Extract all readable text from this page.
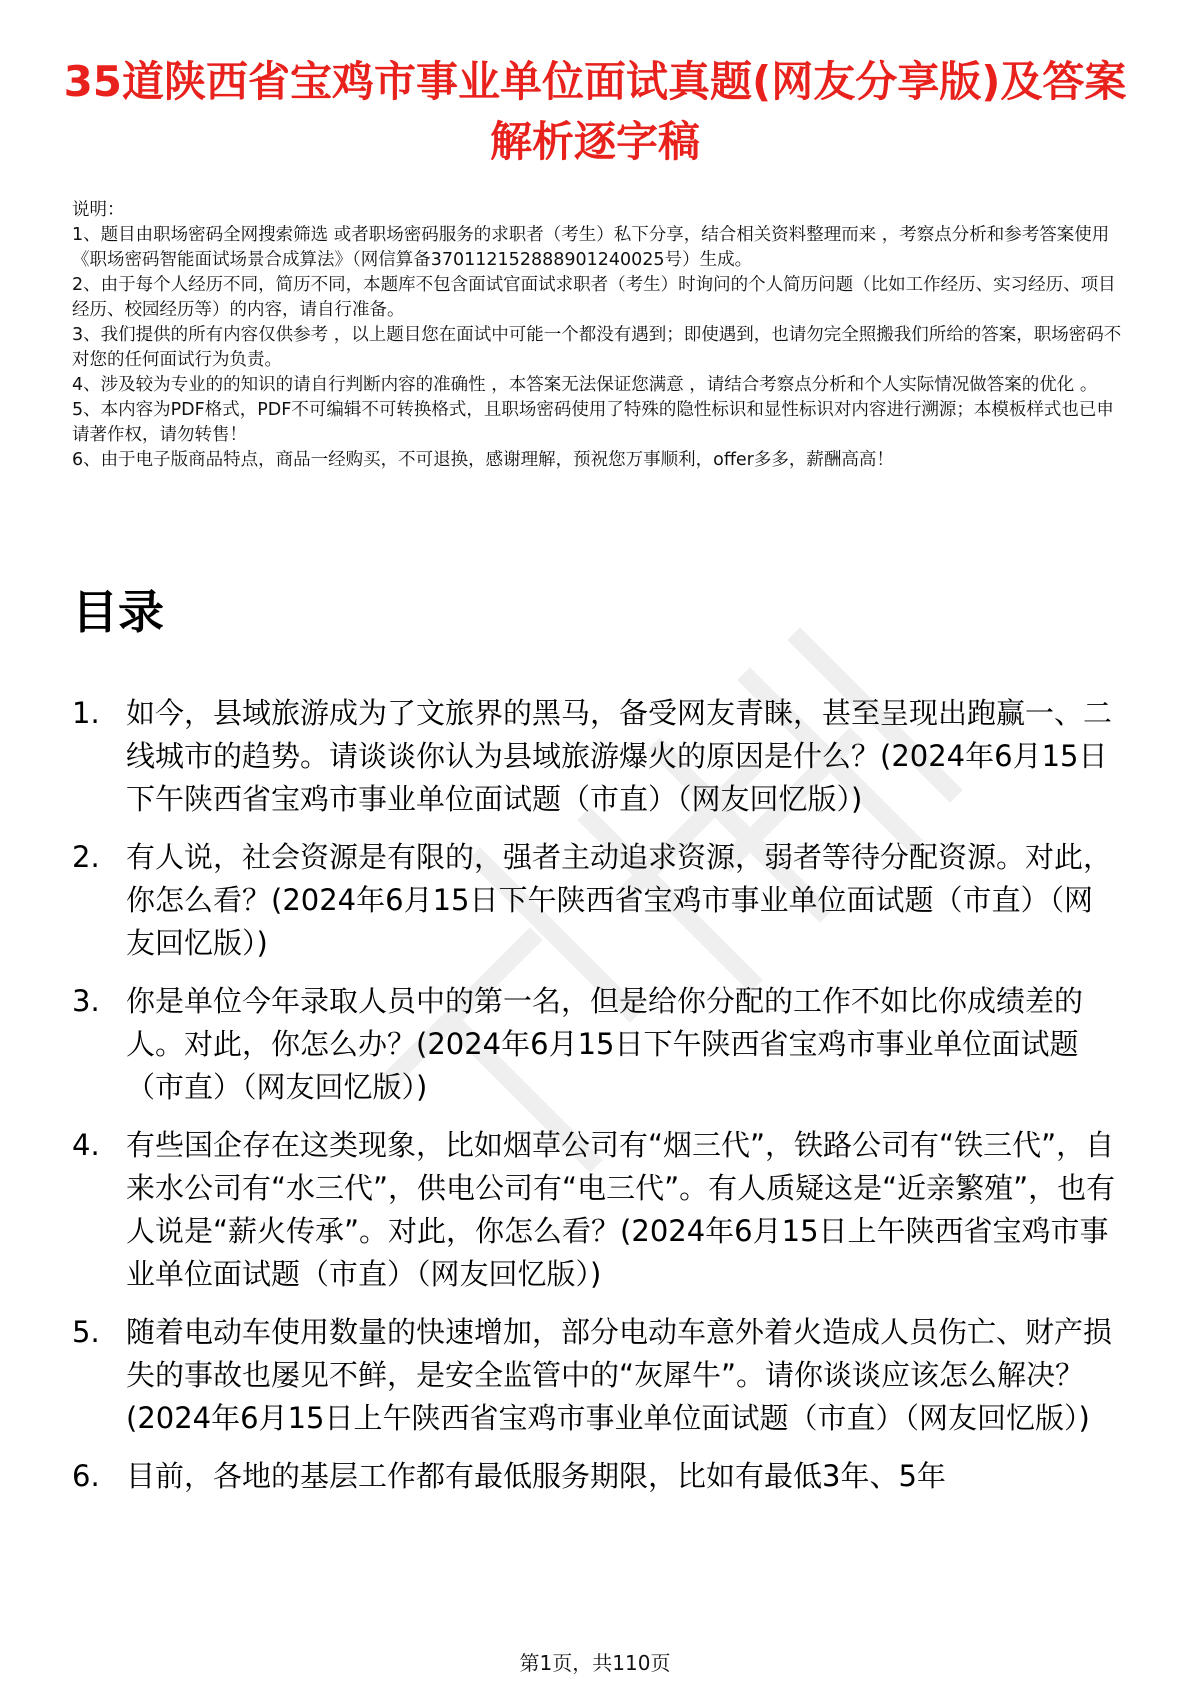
35道陕西省宝鸡市事业单位面试真题(网友分享版)及答案解析逐字稿

说明：

1、题目由职场密码全网搜索筛选 或者职场密码服务的求职者（考生）私下分享，结合相关资料整理而来 ，考察点分析和参考答案使用《职场密码智能面试场景合成算法》（网信算备370112152888901240025号）生成。

2、由于每个人经历不同，简历不同，本题库不包含面试官面试求职者（考生）时询问的个人简历问题（比如工作经历、实习经历、项目经历、校园经历等）的内容，请自行准备。

3、我们提供的所有内容仅供参考 ，以上题目您在面试中可能一个都没有遇到；即使遇到，也请勿完全照搬我们所给的答案，职场密码不对您的任何面试行为负责。

4、涉及较为专业的的知识的请自行判断内容的准确性 ，本答案无法保证您满意 ，请结合考察点分析和个人实际情况做答案的优化 。

5、本内容为PDF格式，PDF不可编辑不可转换格式，且职场密码使用了特殊的隐性标识和显性标识对内容进行溯源；本模板样式也已申请著作权，请勿转售！

6、由于电子版商品特点，商品一经购买，不可退换，感谢理解，预祝您万事顺利，offer多多，薪酬高高！

目录
1. 如今，县域旅游成为了文旅界的黑马，备受网友青睐，甚至呈现出跑赢一、二线城市的趋势。请谈谈你认为县域旅游爆火的原因是什么？(2024年6月15日下午陕西省宝鸡市事业单位面试题（市直）（网友回忆版）)
2. 有人说，社会资源是有限的，强者主动追求资源，弱者等待分配资源。对此，你怎么看？(2024年6月15日下午陕西省宝鸡市事业单位面试题（市直）（网友回忆版）)
3. 你是单位今年录取人员中的第一名，但是给你分配的工作不如比你成绩差的人。对此，你怎么办？(2024年6月15日下午陕西省宝鸡市事业单位面试题（市直）（网友回忆版）)
4. 有些国企存在这类现象，比如烟草公司有“烟三代”，铁路公司有“铁三代”，自来水公司有“水三代”，供电公司有“电三代”。有人质疑这是“近亲繁殖”，也有人说是“薪火传承”。对此，你怎么看？(2024年6月15日上午陕西省宝鸡市事业单位面试题（市直）（网友回忆版）)
5. 随着电动车使用数量的快速增加，部分电动车意外着火造成人员伤亡、财产损失的事故也屡见不鲜，是安全监管中的“灰犀牛”。请你谈谈应该怎么解决？(2024年6月15日上午陕西省宝鸡市事业单位面试题（市直）（网友回忆版）)
6. 目前，各地的基层工作都有最低服务期限，比如有最低3年、5年
第1页，共110页
